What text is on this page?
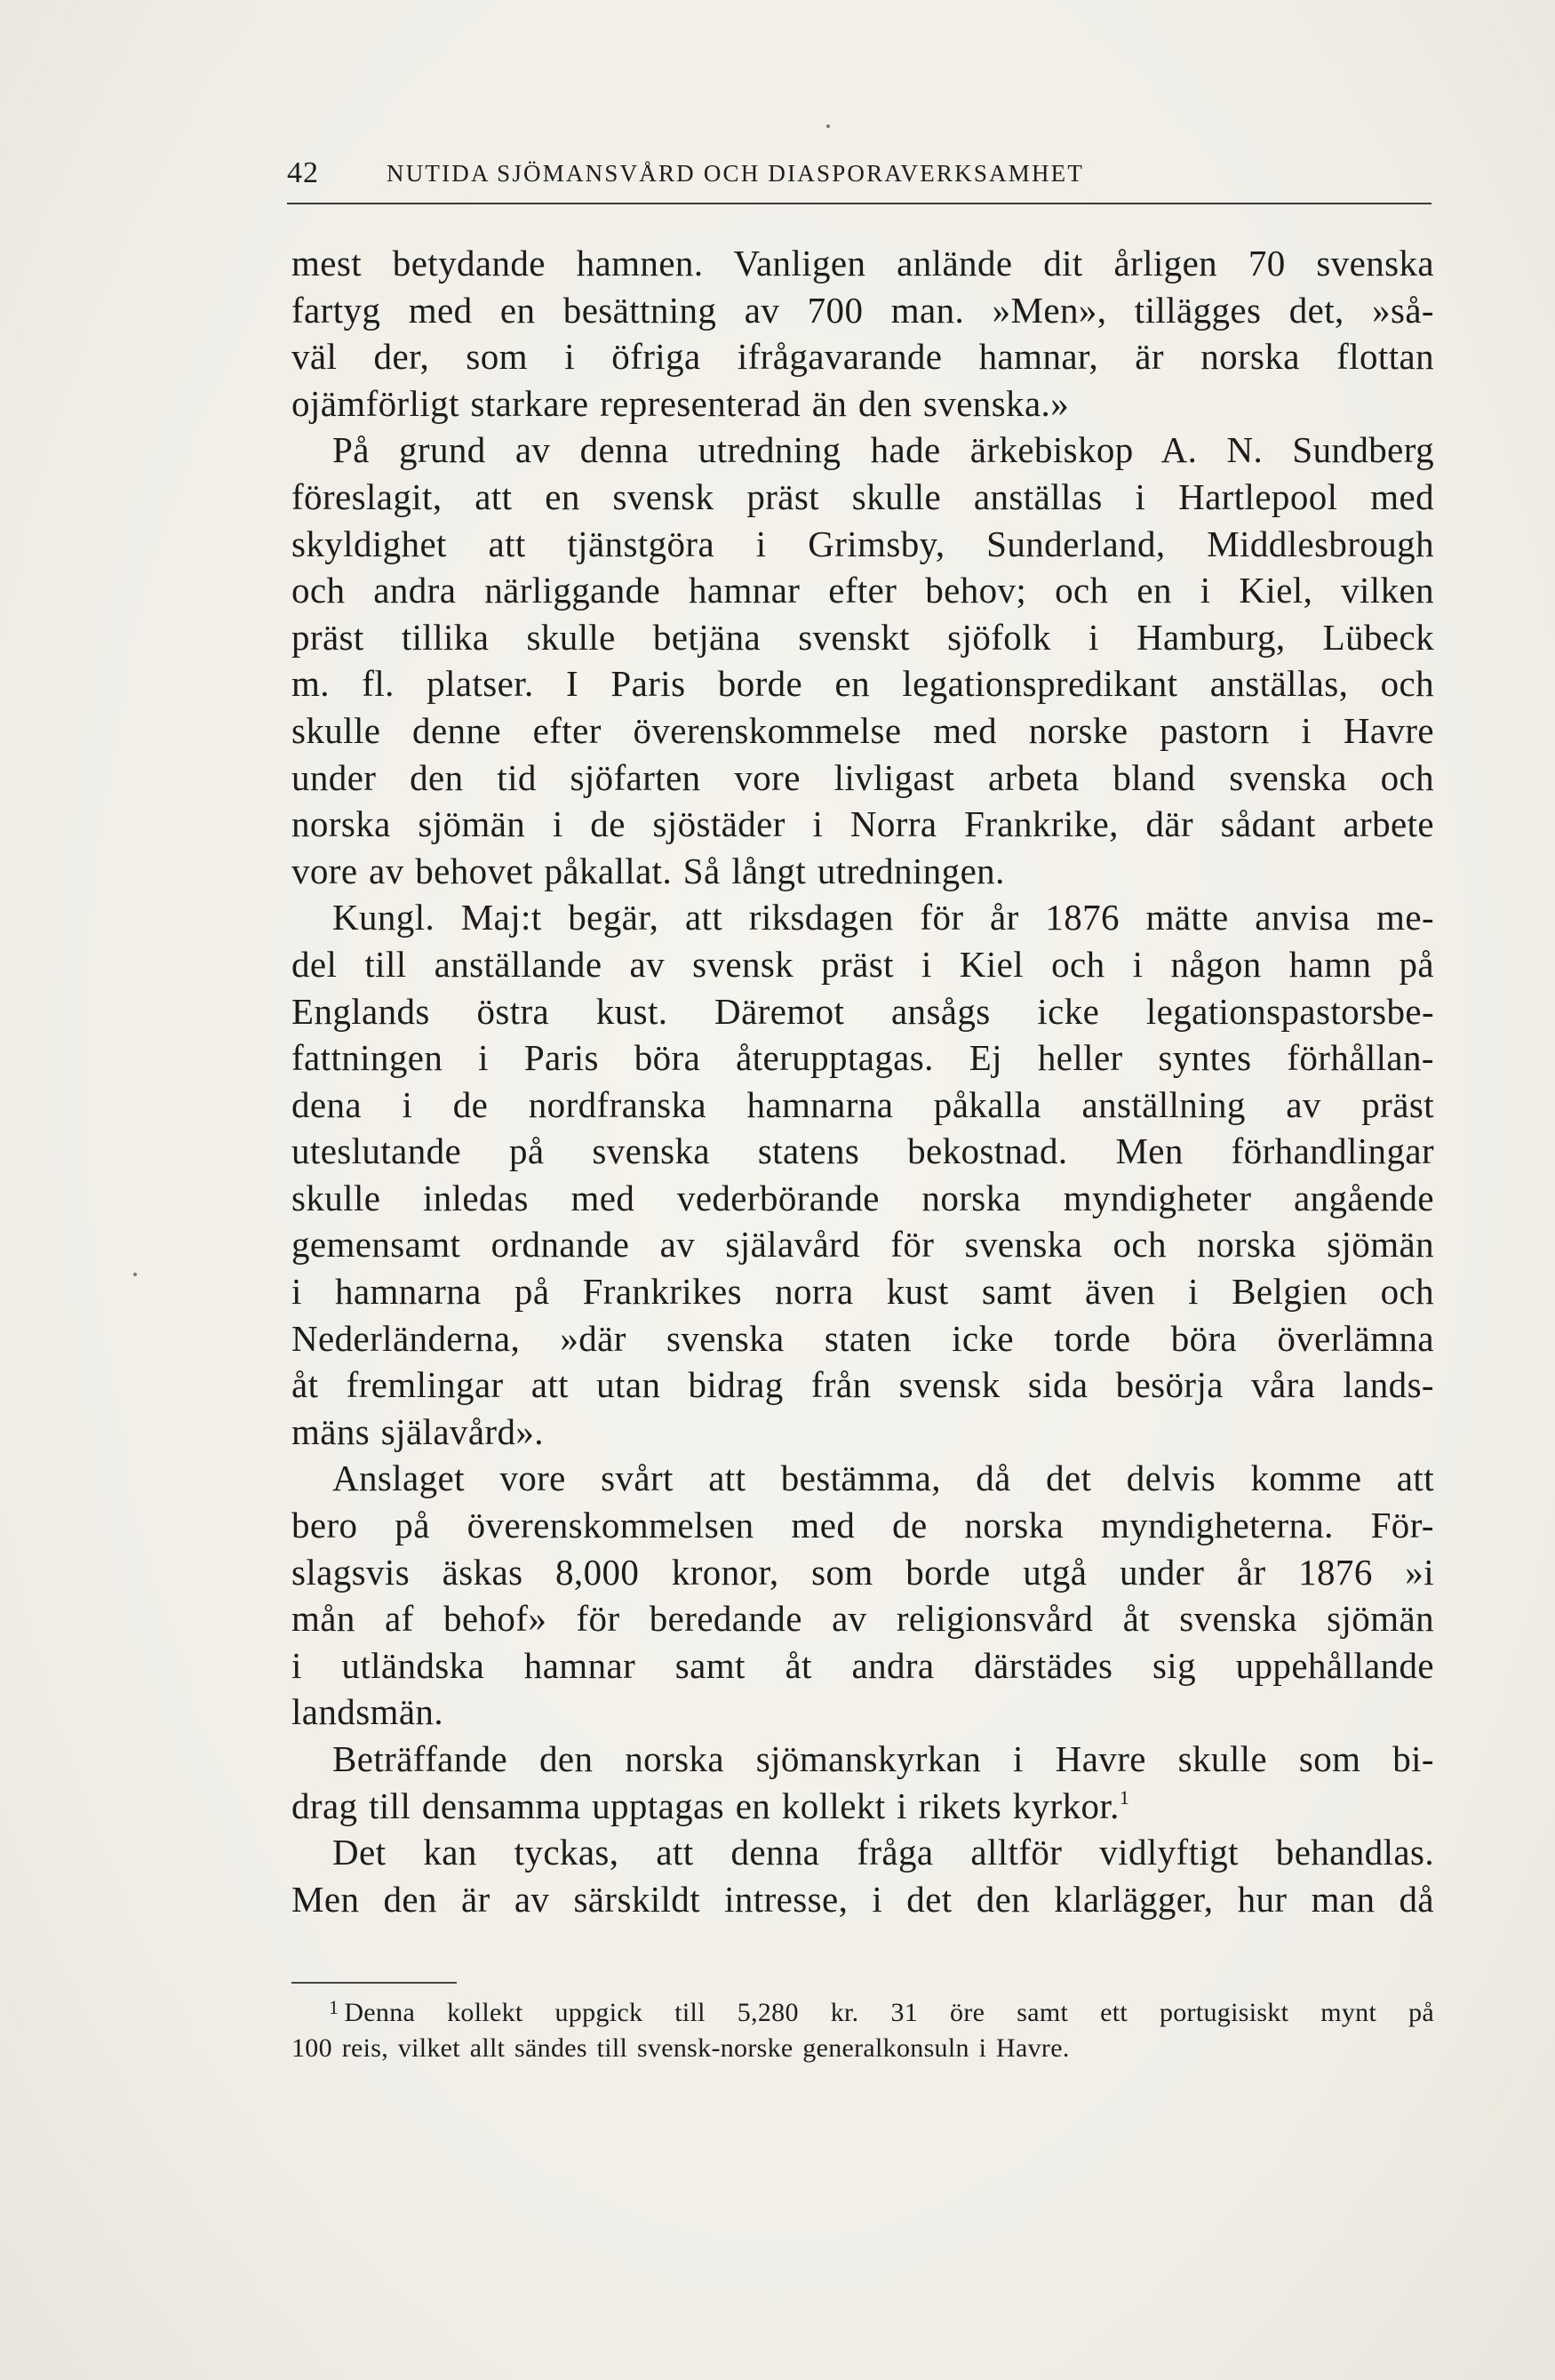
42	NUTIDA SJÖMANSVÅRD OCH DIASPORAVERKSAMHET
mest betydande hamnen. Vanligen anlände dit årligen 70 svenska
fartyg med en besättning av 700 man. »Men», tillägges det, »så-
väl der, som i öfriga ifrågavarande hamnar, är norska flottan
ojämförligt starkare representerad än den svenska.»
På grund av denna utredning hade ärkebiskop A. N. Sundberg
föreslagit, att en svensk präst skulle anställas i Hartlepool med
skyldighet att tjänstgöra i Grimsby, Sunderland, Middlesbrough
och andra närliggande hamnar efter behov; och en i Kiel, vilken
präst tillika skulle betjäna svenskt sjöfolk i Hamburg, Lübeck
m. fl. platser. I Paris borde en legationspredikant anställas, och
skulle denne efter överenskommelse med norske pastorn i Havre
under den tid sjöfarten vore livligast arbeta bland svenska och
norska sjömän i de sjöstäder i Norra Frankrike, där sådant arbete
vore av behovet påkallat. Så långt utredningen.
Kungl. Maj:t begär, att riksdagen för år 1876 mätte anvisa me-
del till anställande av svensk präst i Kiel och i någon hamn på
Englands östra kust. Däremot ansågs icke legationspastorsbe-
fattningen i Paris böra återupptagas. Ej heller syntes förhållan-
dena i de nordfranska hamnarna påkalla anställning av präst
uteslutande på svenska statens bekostnad. Men förhandlingar
skulle inledas med vederbörande norska myndigheter angående
gemensamt ordnande av själavård för svenska och norska sjömän
i hamnarna på Frankrikes norra kust samt även i Belgien och
Nederländerna, »där svenska staten icke torde böra överlämna
åt fremlingar att utan bidrag från svensk sida besörja våra lands-
mäns själavård».
Anslaget vore svårt att bestämma, då det delvis komme att
bero på överenskommelsen med de norska myndigheterna. För-
slagsvis äskas 8,000 kronor, som borde utgå under år 1876 »i
mån af behof» för beredande av religionsvård åt svenska sjömän
i utländska hamnar samt åt andra därstädes sig uppehållande
landsmän.
Beträffande den norska sjömanskyrkan i Havre skulle som bi-
drag till densamma upptagas en kollekt i rikets kyrkor.$^1$
Det kan tyckas, att denna fråga alltför vidlyftigt behandlas.
Men den är av särskildt intresse, i det den klarlägger, hur man då
$^1$ Denna kollekt uppgick till 5,280 kr. 31 öre samt ett portugisiskt mynt på
100 reis, vilket allt sändes till svensk-norske generalkonsuln i Havre.
